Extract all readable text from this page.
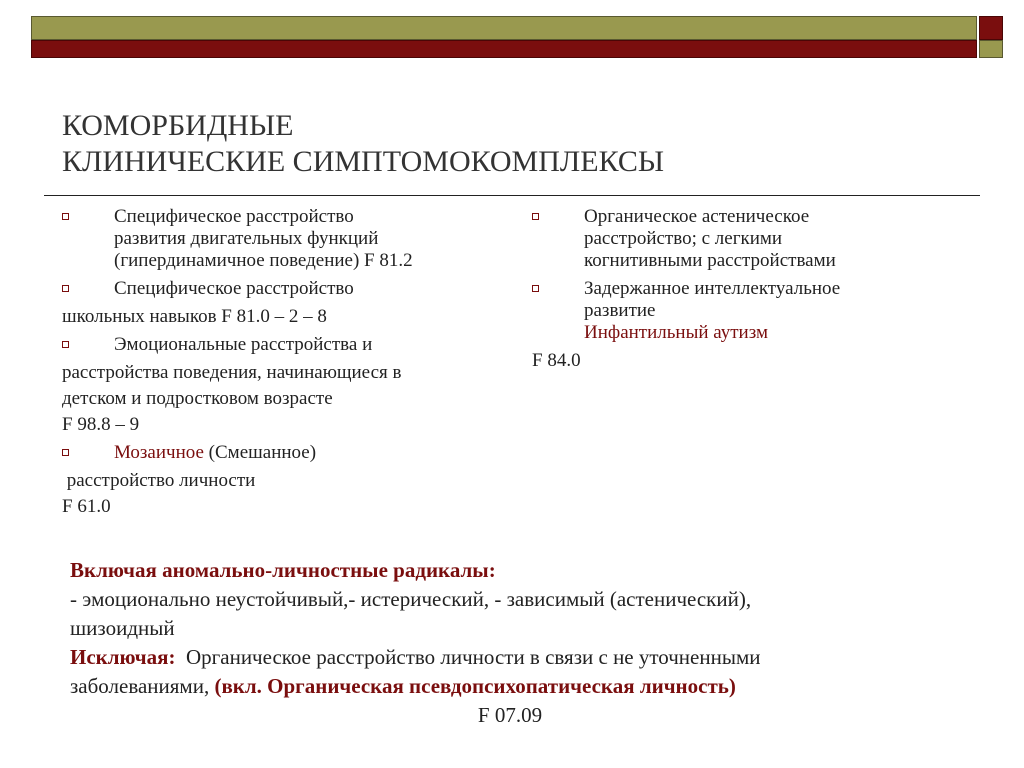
КОМОРБИДНЫЕ
КЛИНИЧЕСКИЕ СИМПТОМОКОМПЛЕКСЫ
Специфическое расстройство
развития двигательных функций
(гипердинамичное поведение) F 81.2
Специфическое расстройство
школьных навыков F 81.0 – 2 – 8
Эмоциональные расстройства и
расстройства поведения, начинающиеся в
детском и подростковом возрасте
F 98.8 – 9
Мозаичное (Смешанное)
расстройство личности
F 61.0
Органическое астеническое
расстройство; с легкими
когнитивными расстройствами
Задержанное интеллектуальное
развитие
Инфантильный аутизм
F 84.0
Включая аномально-личностные радикалы:
- эмоционально неустойчивый,- истерический, - зависимый (астенический),
шизоидный
Исключая:  Органическое расстройство личности в связи с не уточненными
заболеваниями, (вкл. Органическая псевдопсихопатическая личность)
F 07.09
